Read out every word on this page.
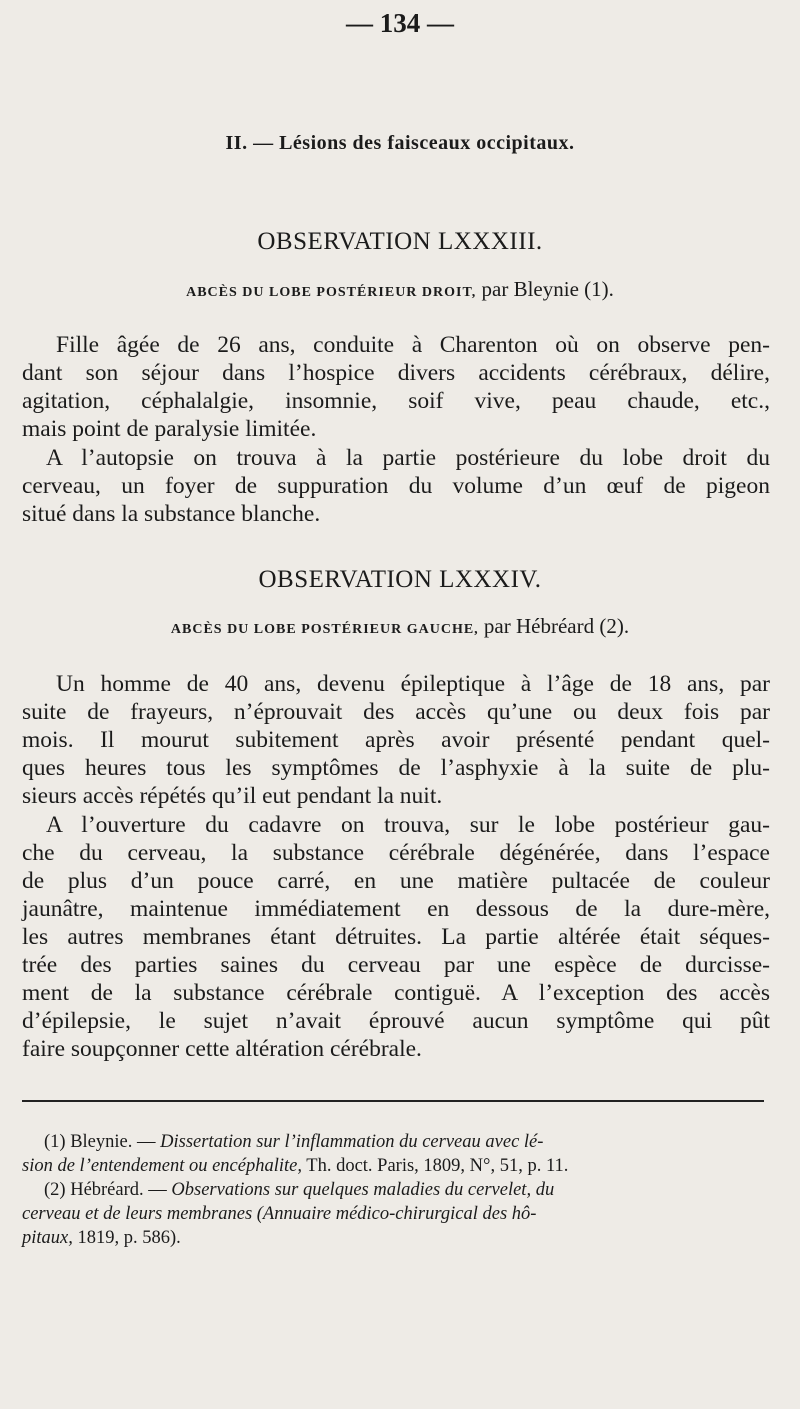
— 134 —
II. — Lésions des faisceaux occipitaux.
OBSERVATION LXXXIII.
ABCÈS DU LOBE POSTÉRIEUR DROIT, par Bleynie (1).
Fille âgée de 26 ans, conduite à Charenton où on observe pen-
dant son séjour dans l’hospice divers accidents cérébraux, délire,
agitation, céphalalgie, insomnie, soif vive, peau chaude, etc.,
mais point de paralysie limitée.
A l’autopsie on trouva à la partie postérieure du lobe droit du
cerveau, un foyer de suppuration du volume d’un œuf de pigeon
situé dans la substance blanche.
OBSERVATION LXXXIV.
ABCÈS DU LOBE POSTÉRIEUR GAUCHE, par Hébréard (2).
Un homme de 40 ans, devenu épileptique à l’âge de 18 ans, par
suite de frayeurs, n’éprouvait des accès qu’une ou deux fois par
mois. Il mourut subitement après avoir présenté pendant quel-
ques heures tous les symptômes de l’asphyxie à la suite de plu-
sieurs accès répétés qu’il eut pendant la nuit.
A l’ouverture du cadavre on trouva, sur le lobe postérieur gau-
che du cerveau, la substance cérébrale dégénérée, dans l’espace
de plus d’un pouce carré, en une matière pultacée de couleur
jaunâtre, maintenue immédiatement en dessous de la dure-mère,
les autres membranes étant détruites. La partie altérée était séques-
trée des parties saines du cerveau par une espèce de durcisse-
ment de la substance cérébrale contiguë. A l’exception des accès
d’épilepsie, le sujet n’avait éprouvé aucun symptôme qui pût
faire soupçonner cette altération cérébrale.
(1) Bleynie. — Dissertation sur l’inflammation du cerveau avec lé-
sion de l’entendement ou encéphalite, Th. doct. Paris, 1809, N°, 51, p. 11.
(2) Hébréard. — Observations sur quelques maladies du cervelet, du
cerveau et de leurs membranes (Annuaire médico-chirurgical des hô-
pitaux, 1819, p. 586).
